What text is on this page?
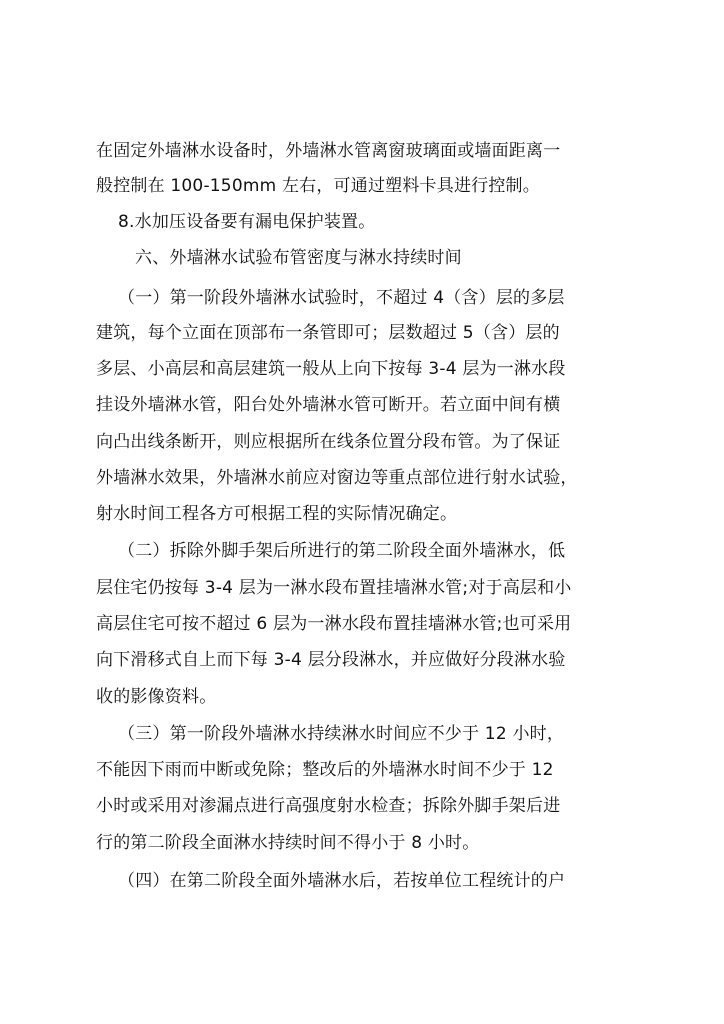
在固定外墙淋水设备时，外墙淋水管离窗玻璃面或墙面距离一
般控制在 100-150mm 左右，可通过塑料卡具进行控制。
8.水加压设备要有漏电保护装置。
六、外墙淋水试验布管密度与淋水持续时间
（一）第一阶段外墙淋水试验时，不超过 4（含）层的多层
建筑，每个立面在顶部布一条管即可；层数超过 5（含）层的
多层、小高层和高层建筑一般从上向下按每 3-4 层为一淋水段
挂设外墙淋水管，阳台处外墙淋水管可断开。若立面中间有横
向凸出线条断开，则应根据所在线条位置分段布管。为了保证
外墙淋水效果，外墙淋水前应对窗边等重点部位进行射水试验，
射水时间工程各方可根据工程的实际情况确定。
（二）拆除外脚手架后所进行的第二阶段全面外墙淋水，低
层住宅仍按每 3-4 层为一淋水段布置挂墙淋水管;对于高层和小
高层住宅可按不超过 6 层为一淋水段布置挂墙淋水管;也可采用
向下滑移式自上而下每 3-4 层分段淋水，并应做好分段淋水验
收的影像资料。
（三）第一阶段外墙淋水持续淋水时间应不少于 12 小时，
不能因下雨而中断或免除；整改后的外墙淋水时间不少于 12
小时或采用对渗漏点进行高强度射水检查；拆除外脚手架后进
行的第二阶段全面淋水持续时间不得小于 8 小时。
（四）在第二阶段全面外墙淋水后，若按单位工程统计的户
